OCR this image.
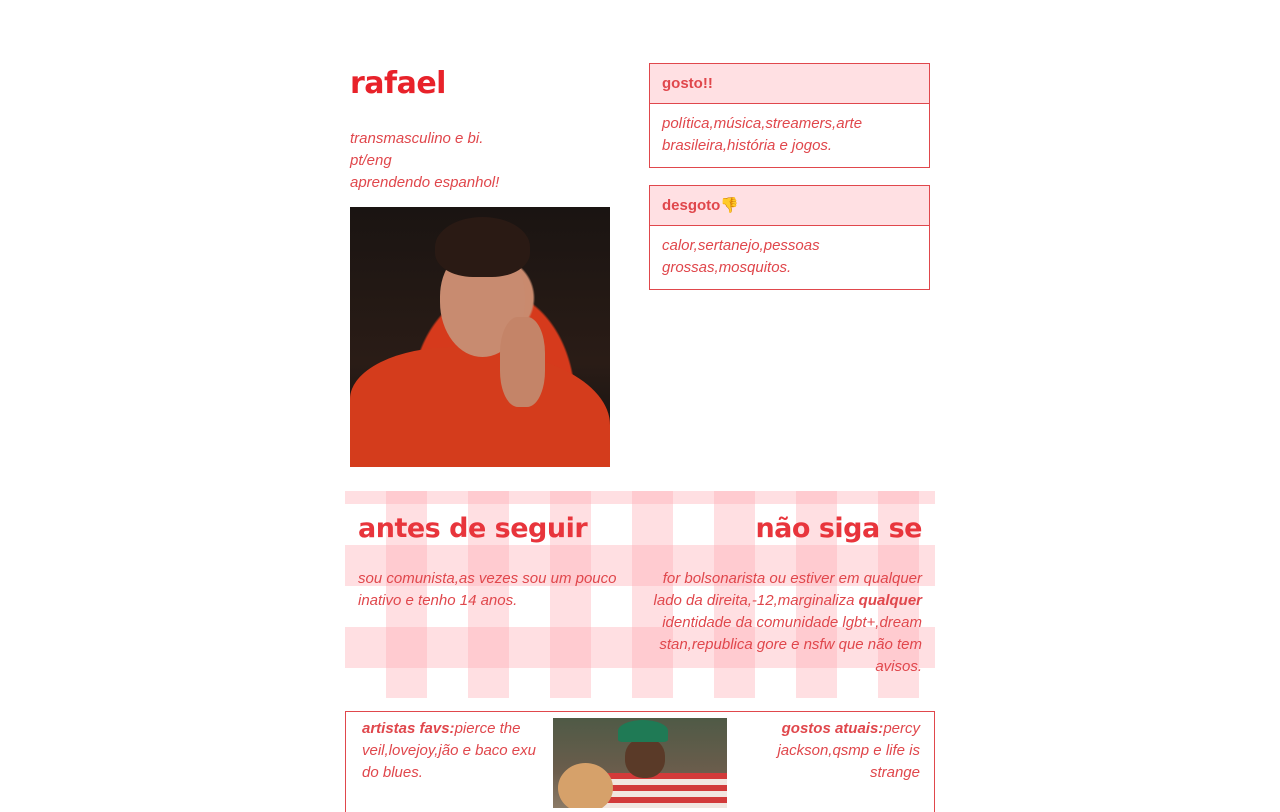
rafael
transmasculino e bi.
pt/eng
aprendendo espanhol!
gosto!!
política,música,streamers,arte brasileira,história e jogos.
desgoto👎
calor,sertanejo,pessoas grossas,mosquitos.
antes de seguir	não siga se
sou comunista,as vezes sou um pouco inativo e tenho 14 anos.
for bolsonarista ou estiver em qualquer lado da direita,-12,marginaliza qualquer identidade da comunidade lgbt+,dream stan,republica gore e nsfw que não tem avisos.
artistas favs:pierce the veil,lovejoy,jão e baco exu do blues.
gostos atuais:percy jackson,qsmp e life is strange
